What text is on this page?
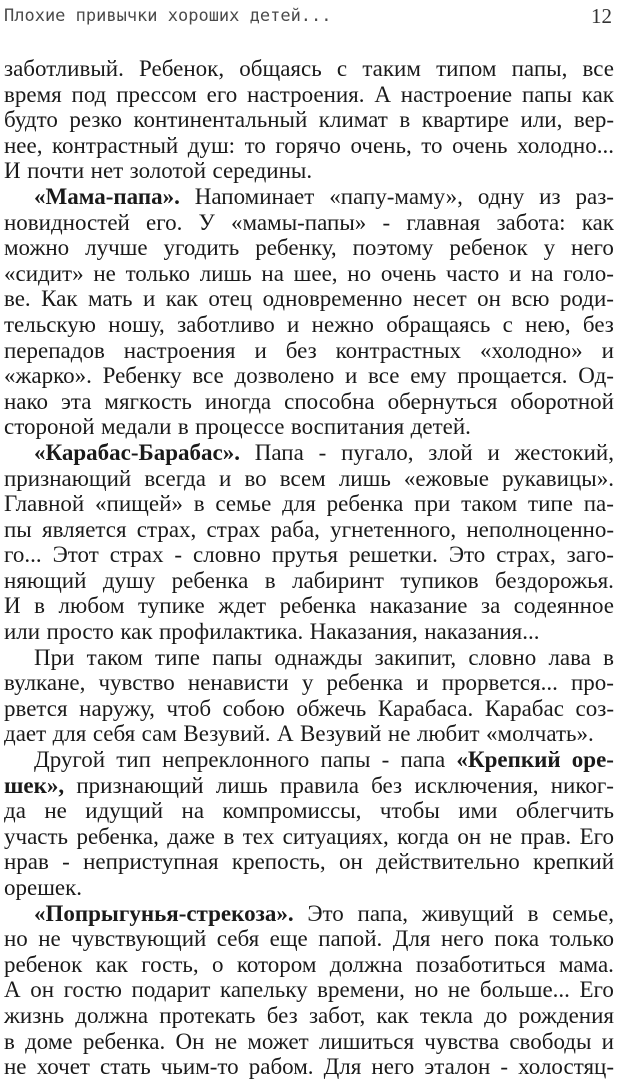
Плохие привычки хороших детей...	12
заботливый. Ребенок, общаясь с таким типом папы, все
время под прессом его настроения. А настроение папы как
будто резко континентальный климат в квартире или, вер-
нее, контрастный душ: то горячо очень, то очень холодно...
И почти нет золотой середины.
«Мама-папа». Напоминает «папу-маму», одну из раз-
новидностей его. У «мамы-папы» - главная забота: как
можно лучше угодить ребенку, поэтому ребенок у него
«сидит» не только лишь на шее, но очень часто и на голо-
ве. Как мать и как отец одновременно несет он всю роди-
тельскую ношу, заботливо и нежно обращаясь с нею, без
перепадов настроения и без контрастных «холодно» и
«жарко». Ребенку все дозволено и все ему прощается. Од-
нако эта мягкость иногда способна обернуться оборотной
стороной медали в процессе воспитания детей.
«Карабас-Барабас». Папа - пугало, злой и жестокий,
признающий всегда и во всем лишь «ежовые рукавицы».
Главной «пищей» в семье для ребенка при таком типе па-
пы является страх, страх раба, угнетенного, неполноценно-
го... Этот страх - словно прутья решетки. Это страх, заго-
няющий душу ребенка в лабиринт тупиков бездорожья.
И в любом тупике ждет ребенка наказание за содеянное
или просто как профилактика. Наказания, наказания...
При таком типе папы однажды закипит, словно лава в
вулкане, чувство ненависти у ребенка и прорвется... про-
рвется наружу, чтоб собою обжечь Карабаса. Карабас соз-
дает для себя сам Везувий. А Везувий не любит «молчать».
Другой тип непреклонного папы - папа «Крепкий оре-
шек», признающий лишь правила без исключения, никог-
да не идущий на компромиссы, чтобы ими облегчить
участь ребенка, даже в тех ситуациях, когда он не прав. Его
нрав - неприступная крепость, он действительно крепкий
орешек.
«Попрыгунья-стрекоза». Это папа, живущий в семье,
но не чувствующий себя еще папой. Для него пока только
ребенок как гость, о котором должна позаботиться мама.
А он гостю подарит капельку времени, но не больше... Его
жизнь должна протекать без забот, как текла до рождения
в доме ребенка. Он не может лишиться чувства свободы и
не хочет стать чьим-то рабом. Для него эталон - холостяц-
